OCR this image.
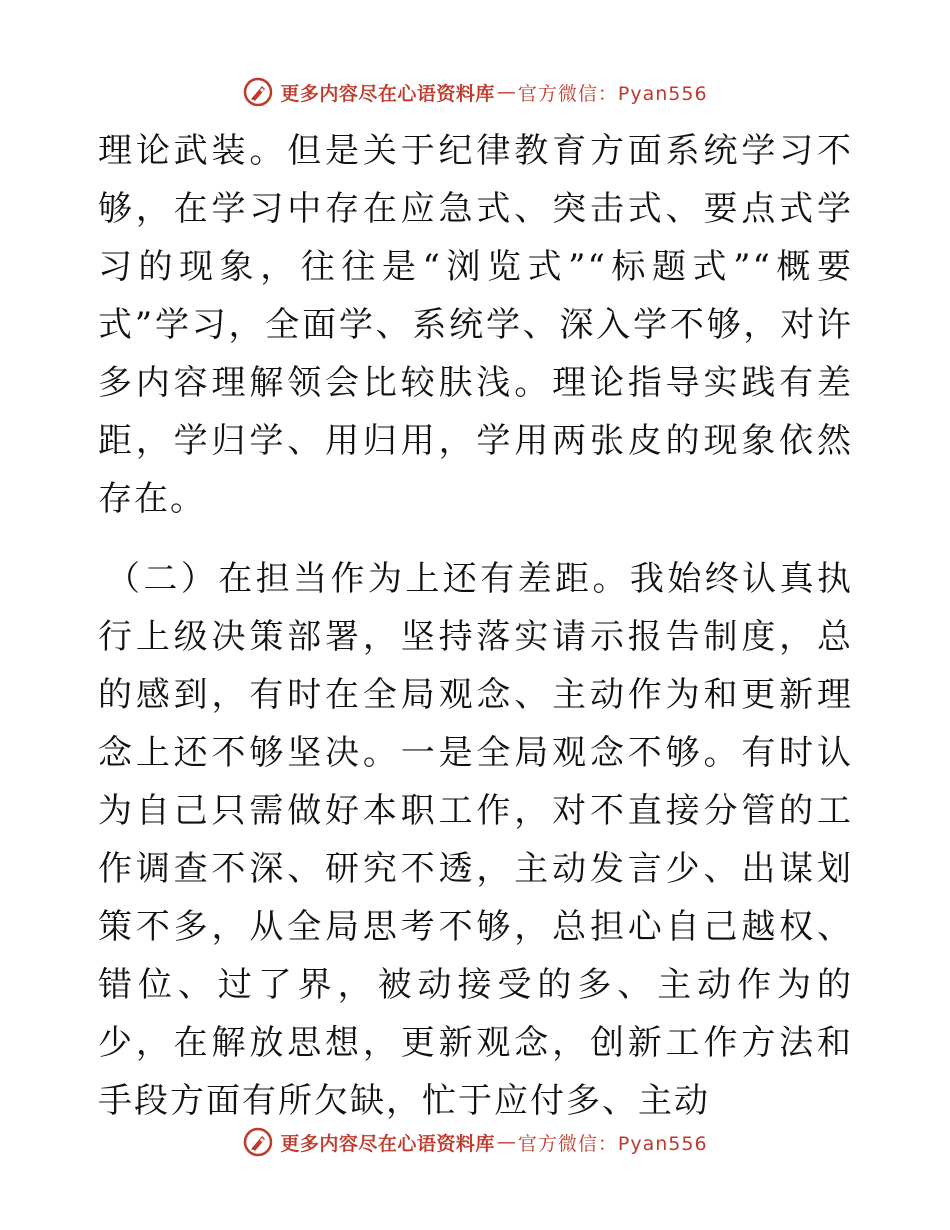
更多内容尽在心语资料库 — 官方微信：Pyan556

理论武装。但是关于纪律教育方面系统学习不够，在学习中存在应急式、突击式、要点式学习的现象，往往是“浏览式”“标题式”“概要式”学习，全面学、系统学、深入学不够，对许多内容理解领会比较肤浅。理论指导实践有差距，学归学、用归用，学用两张皮的现象依然存在。

（二）在担当作为上还有差距。我始终认真执行上级决策部署，坚持落实请示报告制度，总的感到，有时在全局观念、主动作为和更新理念上还不够坚决。一是全局观念不够。有时认为自己只需做好本职工作，对不直接分管的工作调查不深、研究不透，主动发言少、出谋划策不多，从全局思考不够，总担心自己越权、错位、过了界，被动接受的多、主动作为的少，在解放思想，更新观念，创新工作方法和手段方面有所欠缺，忙于应付多、主动

更多内容尽在心语资料库 — 官方微信：Pyan556
